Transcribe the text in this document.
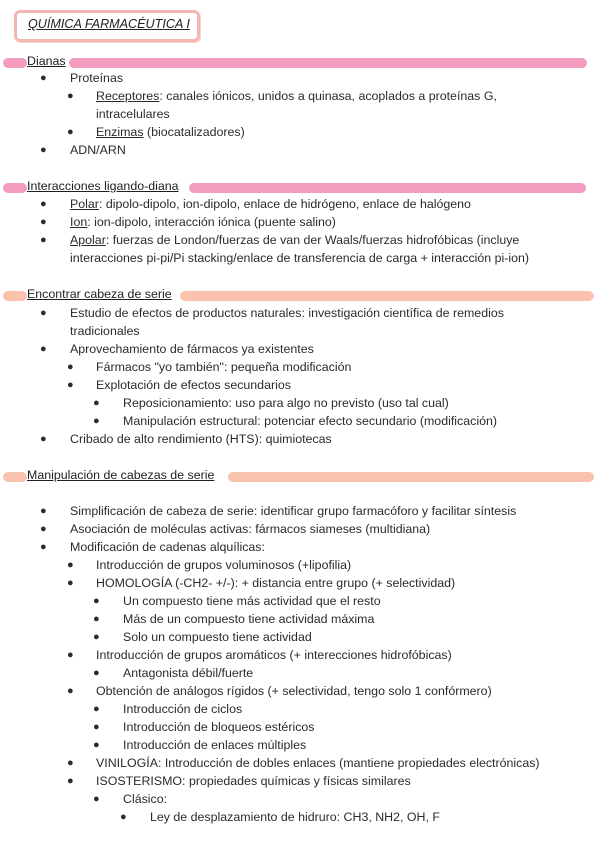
QUÍMICA FARMACÉUTICA I
Dianas
● Proteínas
● Receptores: canales iónicos, unidos a quinasa, acoplados a proteínas G,
intracelulares
● Enzimas (biocatalizadores)
● ADN/ARN
Interacciones ligando-diana
● Polar: dipolo-dipolo, ion-dipolo, enlace de hidrógeno, enlace de halógeno
● Ion: ion-dipolo, interacción iónica (puente salino)
● Apolar: fuerzas de London/fuerzas de van der Waals/fuerzas hidrofóbicas (incluye
interacciones pi-pi/Pi stacking/enlace de transferencia de carga + interacción pi-ion)
Encontrar cabeza de serie
● Estudio de efectos de productos naturales: investigación científica de remedios
tradicionales
● Aprovechamiento de fármacos ya existentes
● Fármacos "yo también": pequeña modificación
● Explotación de efectos secundarios
● Reposicionamiento: uso para algo no previsto (uso tal cual)
● Manipulación estructural: potenciar efecto secundario (modificación)
● Cribado de alto rendimiento (HTS): quimiotecas
Manipulación de cabezas de serie
● Simplificación de cabeza de serie: identificar grupo farmacóforo y facilitar síntesis
● Asociación de moléculas activas: fármacos siameses (multidiana)
● Modificación de cadenas alquílicas:
● Introducción de grupos voluminosos (+lipofilia)
● HOMOLOGÍA (-CH2- +/-): + distancia entre grupo (+ selectividad)
● Un compuesto tiene más actividad que el resto
● Más de un compuesto tiene actividad máxima
● Solo un compuesto tiene actividad
● Introducción de grupos aromáticos (+ interecciones hidrofóbicas)
● Antagonista débil/fuerte
● Obtención de análogos rígidos (+ selectividad, tengo solo 1 confórmero)
● Introducción de ciclos
● Introducción de bloqueos estéricos
● Introducción de enlaces múltiples
● VINILOGÍA: Introducción de dobles enlaces (mantiene propiedades electrónicas)
● ISOSTERISMO: propiedades químicas y físicas similares
● Clásico:
● Ley de desplazamiento de hidruro: CH3, NH2, OH, F
